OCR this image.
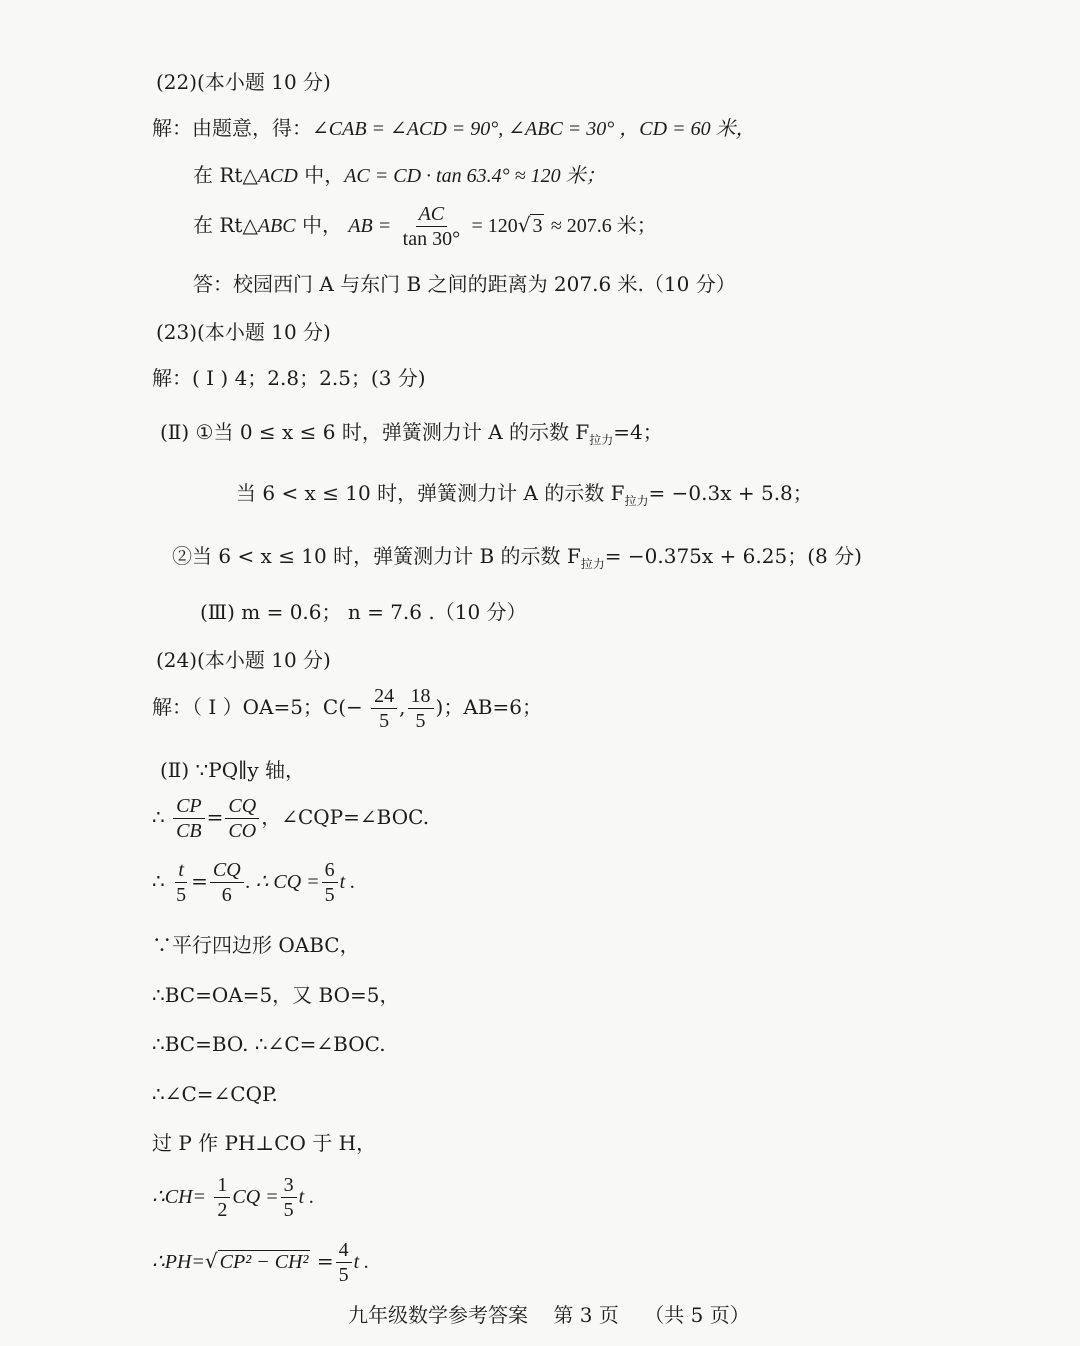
(22)(本小题 10 分)
解：由题意，得：∠CAB = ∠ACD = 90°, ∠ABC = 30° ，CD = 60 米，
在 Rt△ACD 中，AC = CD · tan 63.4° ≈ 120 米；
在 Rt△ABC 中， AB = $\frac{AC}{\tan 30^\circ} = 120√$ 3 ≈ 207.6 米；
答：校园西门 A 与东门 B 之间的距离为 207.6 米.（10 分）
(23)(本小题 10 分)
解：( I ) 4；2.8；2.5；(3 分)
(Ⅱ) ①当 0 ≤ x ≤ 6 时，弹簧测力计 A 的示数 $F_{拉力}=4$；
当 6 < x ≤ 10 时，弹簧测力计 A 的示数 $F_{拉力}= -0.3x + 5.8$；
②当 6 < x ≤ 10 时，弹簧测力计 B 的示数 $F_{拉力}= -0.375x + 6.25$；(8 分)
(Ⅲ) m = 0.6； n = 7.6 .（10 分）
(24)(本小题 10 分)
解：（ I ）OA=5；$C(- \frac{24}{5}$ , $\frac{18}{5}$ )；AB=6；
(Ⅱ) ∵PQ∥y 轴，
∴ $\frac{CP}{CB} = \frac{CQ}{CO}$ ，∠CQP=∠BOC.
∴ $\frac{t}{5} = \frac{CQ}{6}$ . ∴ CQ = $\frac{6}{5}$ t .
∵平行四边形 OABC，
∴BC=OA=5，又 BO=5，
∴BC=BO. ∴∠C=∠BOC.
∴∠C=∠CQP.
过 P 作 PH⊥CO 于 H，
∴CH= $\frac{1}{2}$ CQ = $\frac{3}{5}$ t .
∴PH=√ $CP^2 - CH^2 = \frac{4}{5}$ t .
九年级数学参考答案    第 3 页    （共 5 页）
